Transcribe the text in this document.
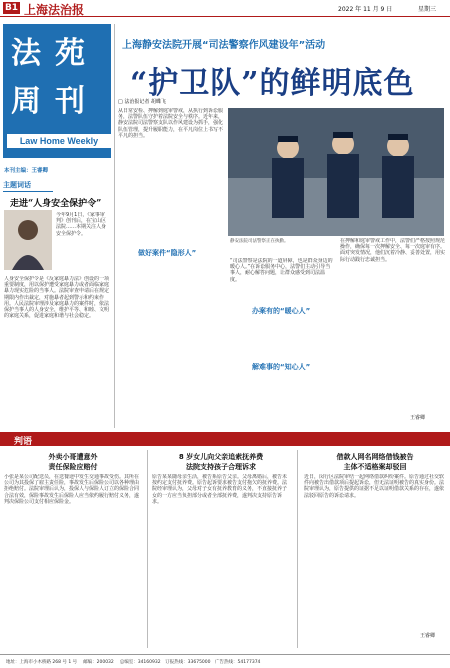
B1 上海法治报	2022 年 11 月 9 日	星期三
法 苑
周 刊
Law Home Weekly
本刊主编：王睿卿
主题词话
走进“人身安全保护令”
今年9月1日，《家事审判》创刊后，在宝山区法院……本期关注人身安全保护令。
人身安全保护令是《反家庭暴力法》创设的一项重要制度，用以保护遭受家庭暴力或者面临家庭暴力现实危险的当事人。法院审查申请后在规定期限内作出裁定，对施暴者起到警示和约束作用。人民法院审理涉及家庭暴力的案件时，依法保护当事人的人身安全，维护平等、和睦、文明的家庭关系，促进家庭和谐与社会稳定。
上海静安法院开展“司法警察作风建设年”活动
“护卫队”的鲜明底色
□ 法治报记者 胡蝶飞
从日常安检、押解到庭审警戒，从执行到诉讼服务，法警队伍守护着法院安全与秩序。近年来，静安法院司法警察支队以作风建设为抓手，强化队伍管理，提升履职能力，在平凡岗位上书写不平凡的担当。
做好案件“隐形人”
静安法院司法警察正在执勤。
“司法警察是法院的一道屏障，也是群众身边的暖心人。”在诉讼服务中心，法警们主动引导当事人，耐心解答问题，让群众感受到司法温度。
办案有的“暖心人”
解难事的“知心人”
在押解和庭审警戒工作中，法警们严格按照规范操作，确保每一次押解安全、每一次庭审有序。面对突发情况，他们沉着冷静、妥善处置，用实际行动践行忠诚担当。
王睿卿
判语
外卖小哥遭意外
责任保险应赔付
小张是某公司配送员，在送餐途中发生交通事故受伤。其所在公司为其投保了雇主责任险，事故发生后保险公司以各种理由拒绝赔付。法院审理后认为，投保人与保险人订立的保险合同合法有效，保险事故发生后保险人应当依约履行赔付义务，遂判决保险公司支付相应保险金。
8 岁女儿向父亲追索抚养费
法院支持孩子合理诉求
原告某某随母亲生活，被告系原告父亲。父母离婚后，被告未按约定支付抚养费。原告起诉要求被告支付拖欠的抚养费。法院经审理认为，父母对子女有抚养教育的义务，不直接抚养子女的一方应当负担部分或者全部抚养费，遂判决支持原告诉求。
借款人网名网络借钱被告
主体不适格案却驳回
近日，闵行区法院审结一起网络借款纠纷案件。原告通过社交软件向被告出借款项后提起诉讼，但无法证明被告的真实身份。法院审理认为，原告提供的证据不足以证明借款关系的存在，遂依法驳回原告的诉讼请求。
王睿卿
地址：上海市小木桥路 268 号 1 号　 邮编：200032　 总编室：34160932　订报热线：33675000　广告热线：54177374
